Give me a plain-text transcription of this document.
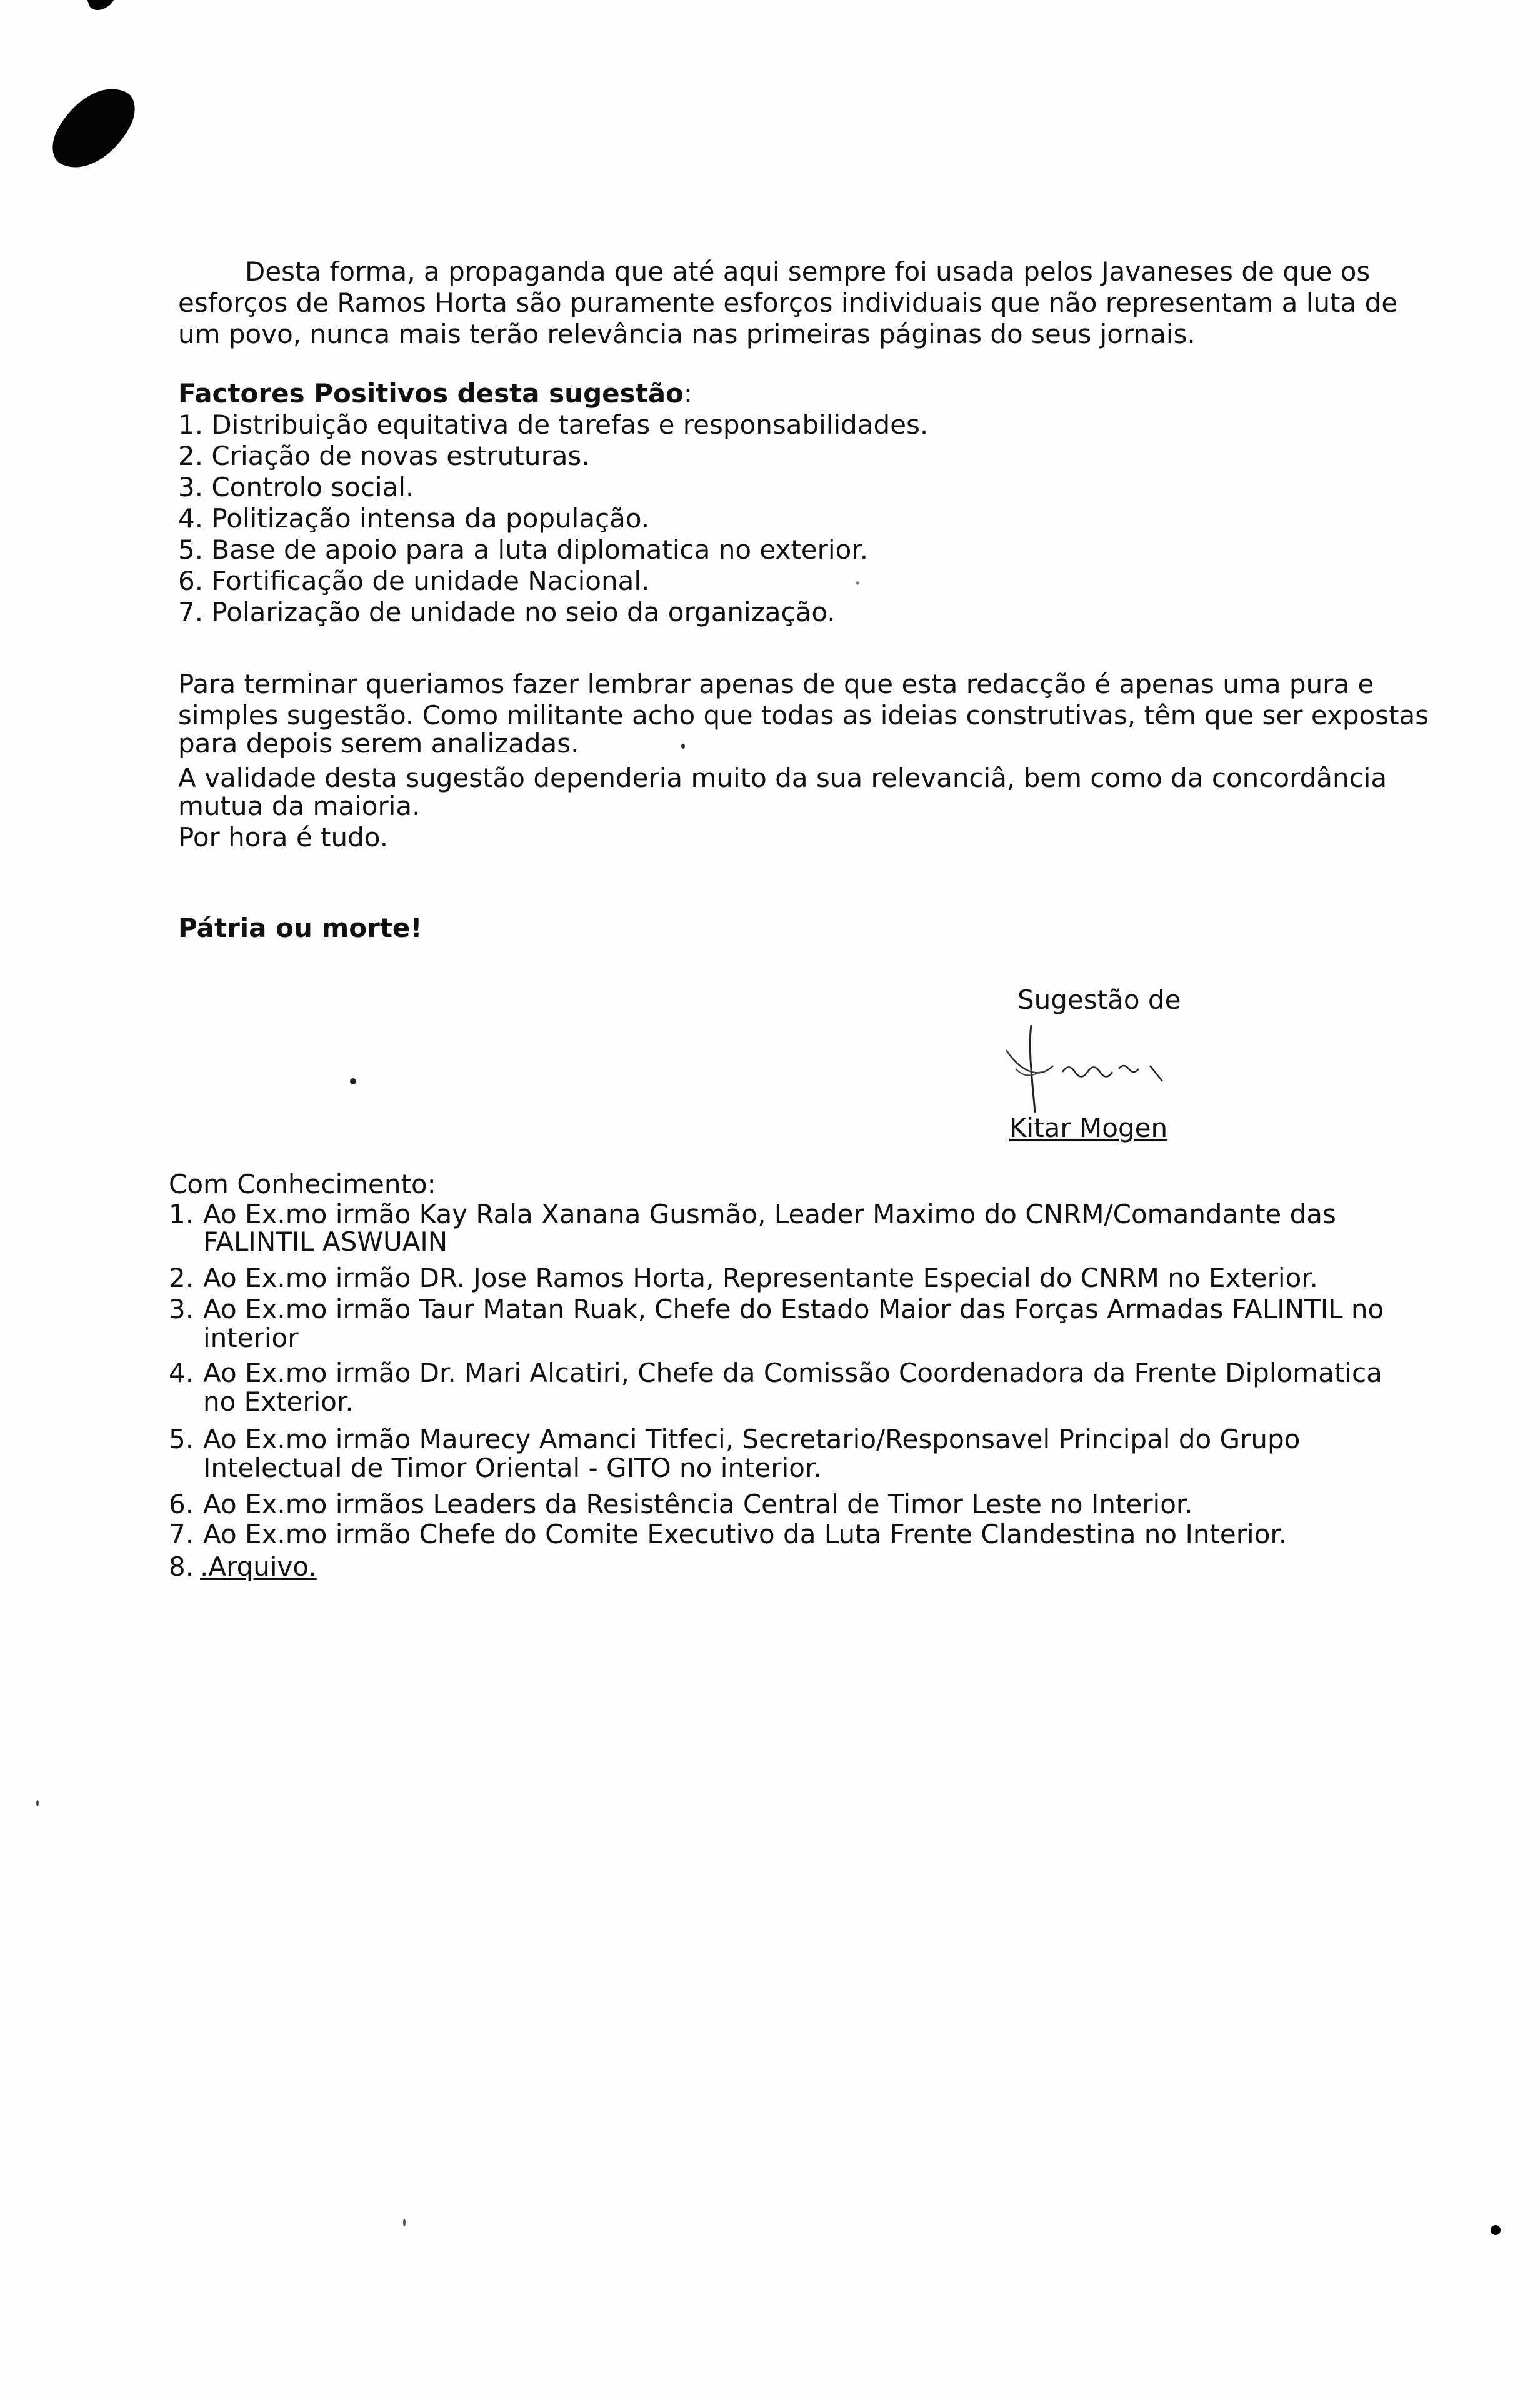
Desta forma, a propaganda que até aqui sempre foi usada pelos Javaneses de que os
esforços de Ramos Horta são puramente esforços individuais que não representam a luta de
um povo, nunca mais terão relevância nas primeiras páginas do seus jornais.
Factores Positivos desta sugestão:
1. Distribuição equitativa de tarefas e responsabilidades.
2. Criação de novas estruturas.
3. Controlo social.
4. Politização intensa da população.
5. Base de apoio para a luta diplomatica no exterior.
6. Fortificação de unidade Nacional.
7. Polarização de unidade no seio da organização.
Para terminar queriamos fazer lembrar apenas de que esta redacção é apenas uma pura e
simples sugestão. Como militante acho que todas as ideias construtivas, têm que ser expostas
para depois serem analizadas.
A validade desta sugestão dependeria muito da sua relevanciâ, bem como da concordância
mutua da maioria.
Por hora é tudo.
Pátria ou morte!
Sugestão de
Kitar Mogen
Com Conhecimento:
1. Ao Ex.mo irmão Kay Rala Xanana Gusmão, Leader Maximo do CNRM/Comandante das
FALINTIL ASWUAIN
2. Ao Ex.mo irmão DR. Jose Ramos Horta, Representante Especial do CNRM no Exterior.
3. Ao Ex.mo irmão Taur Matan Ruak, Chefe do Estado Maior das Forças Armadas FALINTIL no
interior
4. Ao Ex.mo irmão Dr. Mari Alcatiri, Chefe da Comissão Coordenadora da Frente Diplomatica
no Exterior.
5. Ao Ex.mo irmão Maurecy Amanci Titfeci, Secretario/Responsavel Principal do Grupo
Intelectual de Timor Oriental - GITO no interior.
6. Ao Ex.mo irmãos Leaders da Resistência Central de Timor Leste no Interior.
7. Ao Ex.mo irmão Chefe do Comite Executivo da Luta Frente Clandestina no Interior.
8. .Arquivo.
